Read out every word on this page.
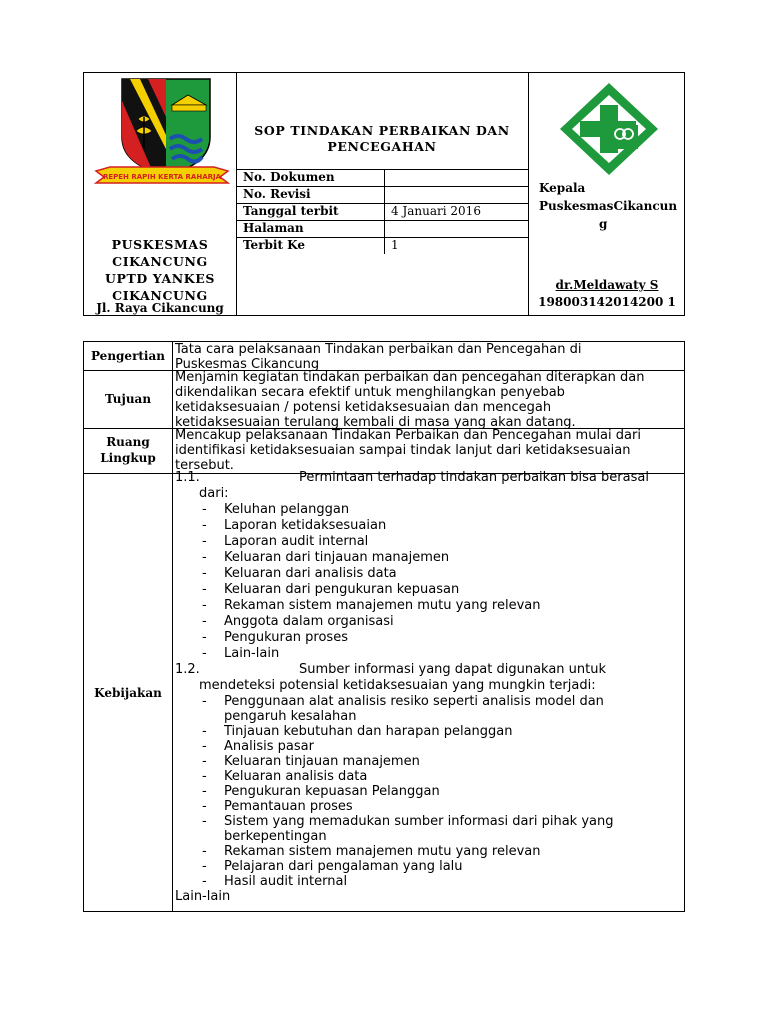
REPEH RAPIH KERTA RAHARJA
PUSKESMAS
CIKANCUNG
UPTD YANKES
CIKANCUNG
Jl. Raya Cikancung
SOP TINDAKAN PERBAIKAN DAN
PENCEGAHAN
No. Dokumen
No. Revisi
Tanggal terbit	4 Januari 2016
Halaman
Terbit Ke	1
Kepala
PuskesmasCikancun
g
dr.Meldawaty S
198003142014200 1
Pengertian Tata cara pelaksanaan Tindakan perbaikan dan Pencegahan di
Puskesmas Cikancung
Tujuan
Menjamin kegiatan tindakan perbaikan dan pencegahan diterapkan dan
dikendalikan secara efektif untuk menghilangkan penyebab
ketidaksesuaian / potensi ketidaksesuaian dan mencegah
ketidaksesuaian terulang kembali di masa yang akan datang.
Ruang
Lingkup
Mencakup pelaksanaan Tindakan Perbaikan dan Pencegahan mulai dari
identifikasi ketidaksesuaian sampai tindak lanjut dari ketidaksesuaian
tersebut.
Kebijakan
1.1.	Permintaan terhadap tindakan perbaikan bisa berasal
dari:
-	Keluhan pelanggan
-	Laporan ketidaksesuaian
-	Laporan audit internal
-	Keluaran dari tinjauan manajemen
-	Keluaran dari analisis data
-	Keluaran dari pengukuran kepuasan
-	Rekaman sistem manajemen mutu yang relevan
-	Anggota dalam organisasi
-	Pengukuran proses
-	Lain-lain
1.2.	Sumber informasi yang dapat digunakan untuk
mendeteksi potensial ketidaksesuaian yang mungkin terjadi:
-	Penggunaan alat analisis resiko seperti analisis model dan
pengaruh kesalahan
-	Tinjauan kebutuhan dan harapan pelanggan
-	Analisis pasar
-	Keluaran tinjauan manajemen
-	Keluaran analisis data
-	Pengukuran kepuasan Pelanggan
-	Pemantauan proses
-	Sistem yang memadukan sumber informasi dari pihak yang
berkepentingan
-	Rekaman sistem manajemen mutu yang relevan
-	Pelajaran dari pengalaman yang lalu
-	Hasil audit internal
Lain-lain
